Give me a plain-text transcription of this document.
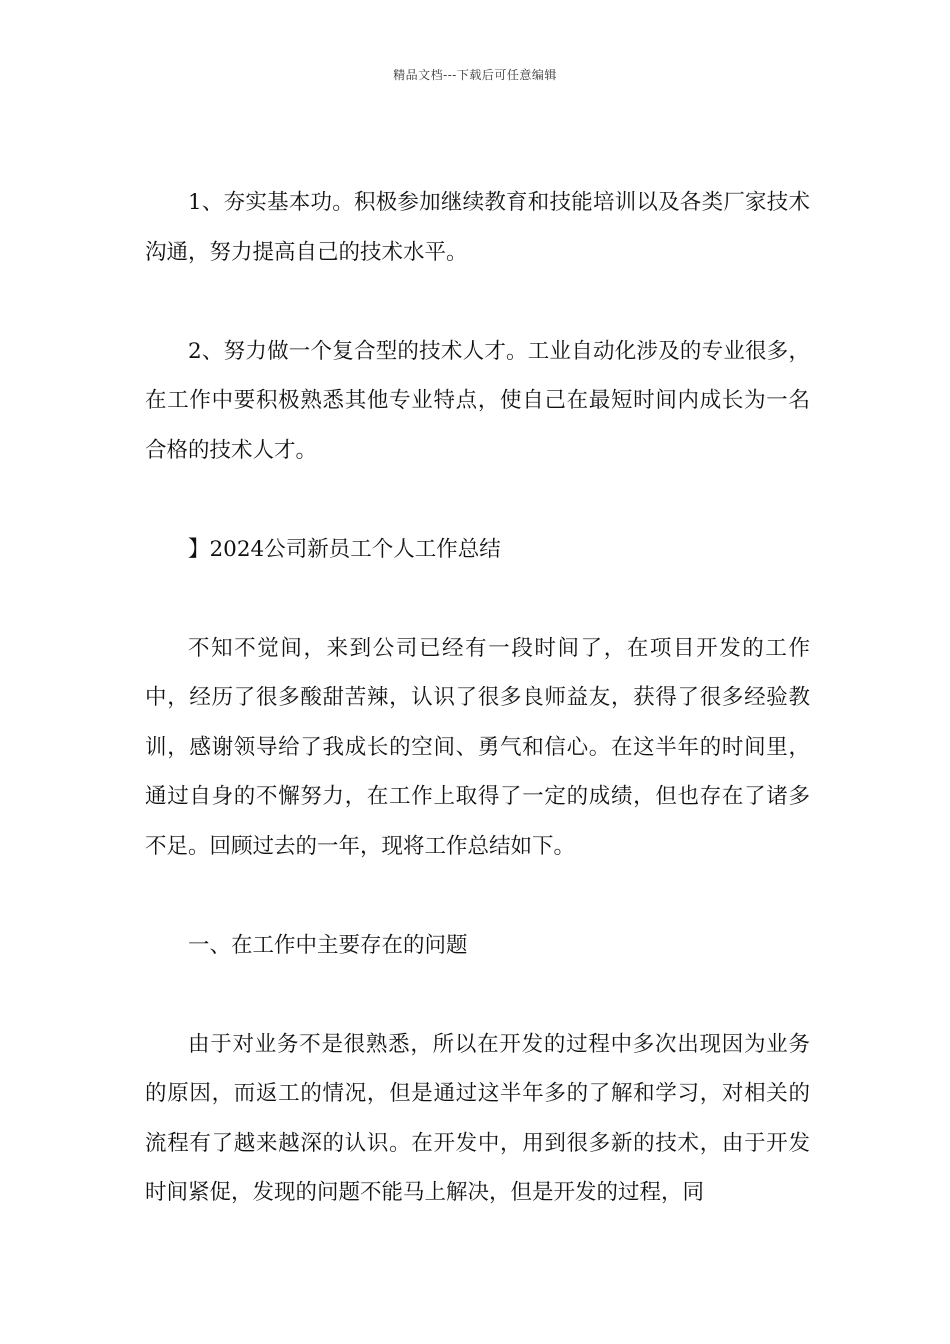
精品文档---下载后可任意编辑

1、夯实基本功。积极参加继续教育和技能培训以及各类厂家技术沟通，努力提高自己的技术水平。

2、努力做一个复合型的技术人才。工业自动化涉及的专业很多，在工作中要积极熟悉其他专业特点，使自己在最短时间内成长为一名合格的技术人才。

】2024公司新员工个人工作总结

不知不觉间，来到公司已经有一段时间了，在项目开发的工作中，经历了很多酸甜苦辣，认识了很多良师益友，获得了很多经验教训，感谢领导给了我成长的空间、勇气和信心。在这半年的时间里，通过自身的不懈努力，在工作上取得了一定的成绩，但也存在了诸多不足。回顾过去的一年，现将工作总结如下。

一、在工作中主要存在的问题

由于对业务不是很熟悉，所以在开发的过程中多次出现因为业务的原因，而返工的情况，但是通过这半年多的了解和学习，对相关的流程有了越来越深的认识。在开发中，用到很多新的技术，由于开发时间紧促，发现的问题不能马上解决，但是开发的过程，同
